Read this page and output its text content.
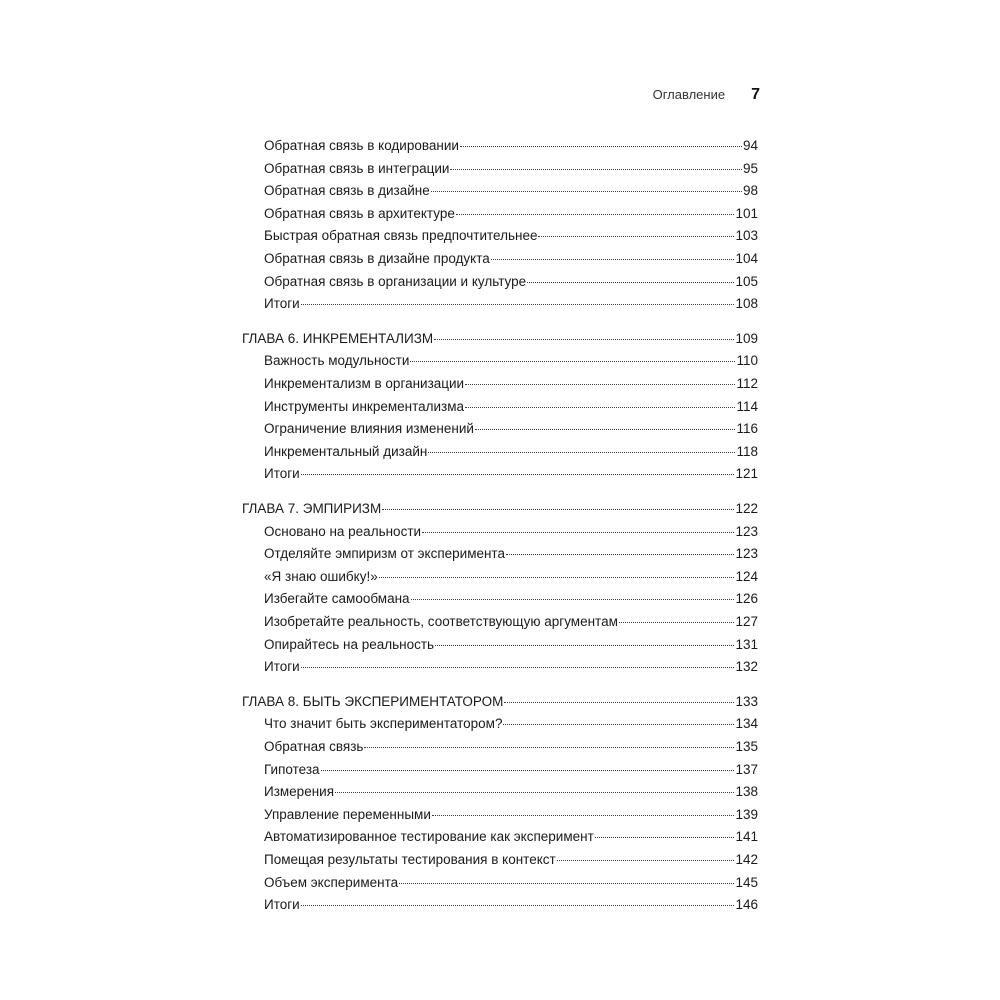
Оглавление 7
Обратная связь в кодировании	94
Обратная связь в интеграции	95
Обратная связь в дизайне	98
Обратная связь в архитектуре	101
Быстрая обратная связь предпочтительнее	103
Обратная связь в дизайне продукта	104
Обратная связь в организации и культуре	105
Итоги	108
ГЛАВА 6. ИНКРЕМЕНТАЛИЗМ	109
Важность модульности	110
Инкрементализм в организации	112
Инструменты инкрементализма	114
Ограничение влияния изменений	116
Инкрементальный дизайн	118
Итоги	121
ГЛАВА 7. ЭМПИРИЗМ	122
Основано на реальности	123
Отделяйте эмпиризм от эксперимента	123
«Я знаю ошибку!»	124
Избегайте самообмана	126
Изобретайте реальность, соответствующую аргументам	127
Опирайтесь на реальность	131
Итоги	132
ГЛАВА 8. БЫТЬ ЭКСПЕРИМЕНТАТОРОМ	133
Что значит быть экспериментатором?	134
Обратная связь	135
Гипотеза	137
Измерения	138
Управление переменными	139
Автоматизированное тестирование как эксперимент	141
Помещая результаты тестирования в контекст	142
Объем эксперимента	145
Итоги	146
